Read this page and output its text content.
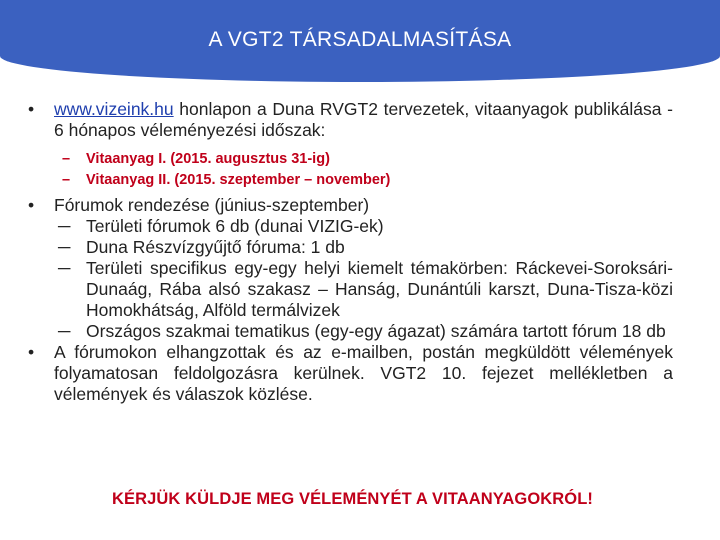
A VGT2 TÁRSADALMASÍTÁSA
• www.vizeink.hu honlapon a Duna RVGT2 tervezetek, vitaanyagok publikálása - 6 hónapos véleményezési időszak:
– Vitaanyag I. (2015. augusztus 31-ig)
– Vitaanyag II. (2015. szeptember – november)
• Fórumok rendezése (június-szeptember)
─ Területi fórumok 6 db (dunai VIZIG-ek)
─ Duna Részvízgyűjtő fóruma: 1 db
─ Területi specifikus egy-egy helyi kiemelt témakörben: Ráckevei-Soroksári-Dunaág, Rába alsó szakasz – Hanság, Dunántúli karszt, Duna-Tisza-közi Homokhátság, Alföld termálvizek
─ Országos szakmai tematikus (egy-egy ágazat) számára tartott fórum 18 db
• A fórumokon elhangzottak és az e-mailben, postán megküldött vélemények folyamatosan feldolgozásra kerülnek. VGT2 10. fejezet mellékletben a vélemények és válaszok közlése.
KÉRJÜK KÜLDJE MEG VÉLEMÉNYÉT A VITAANYAGOKRÓL!
